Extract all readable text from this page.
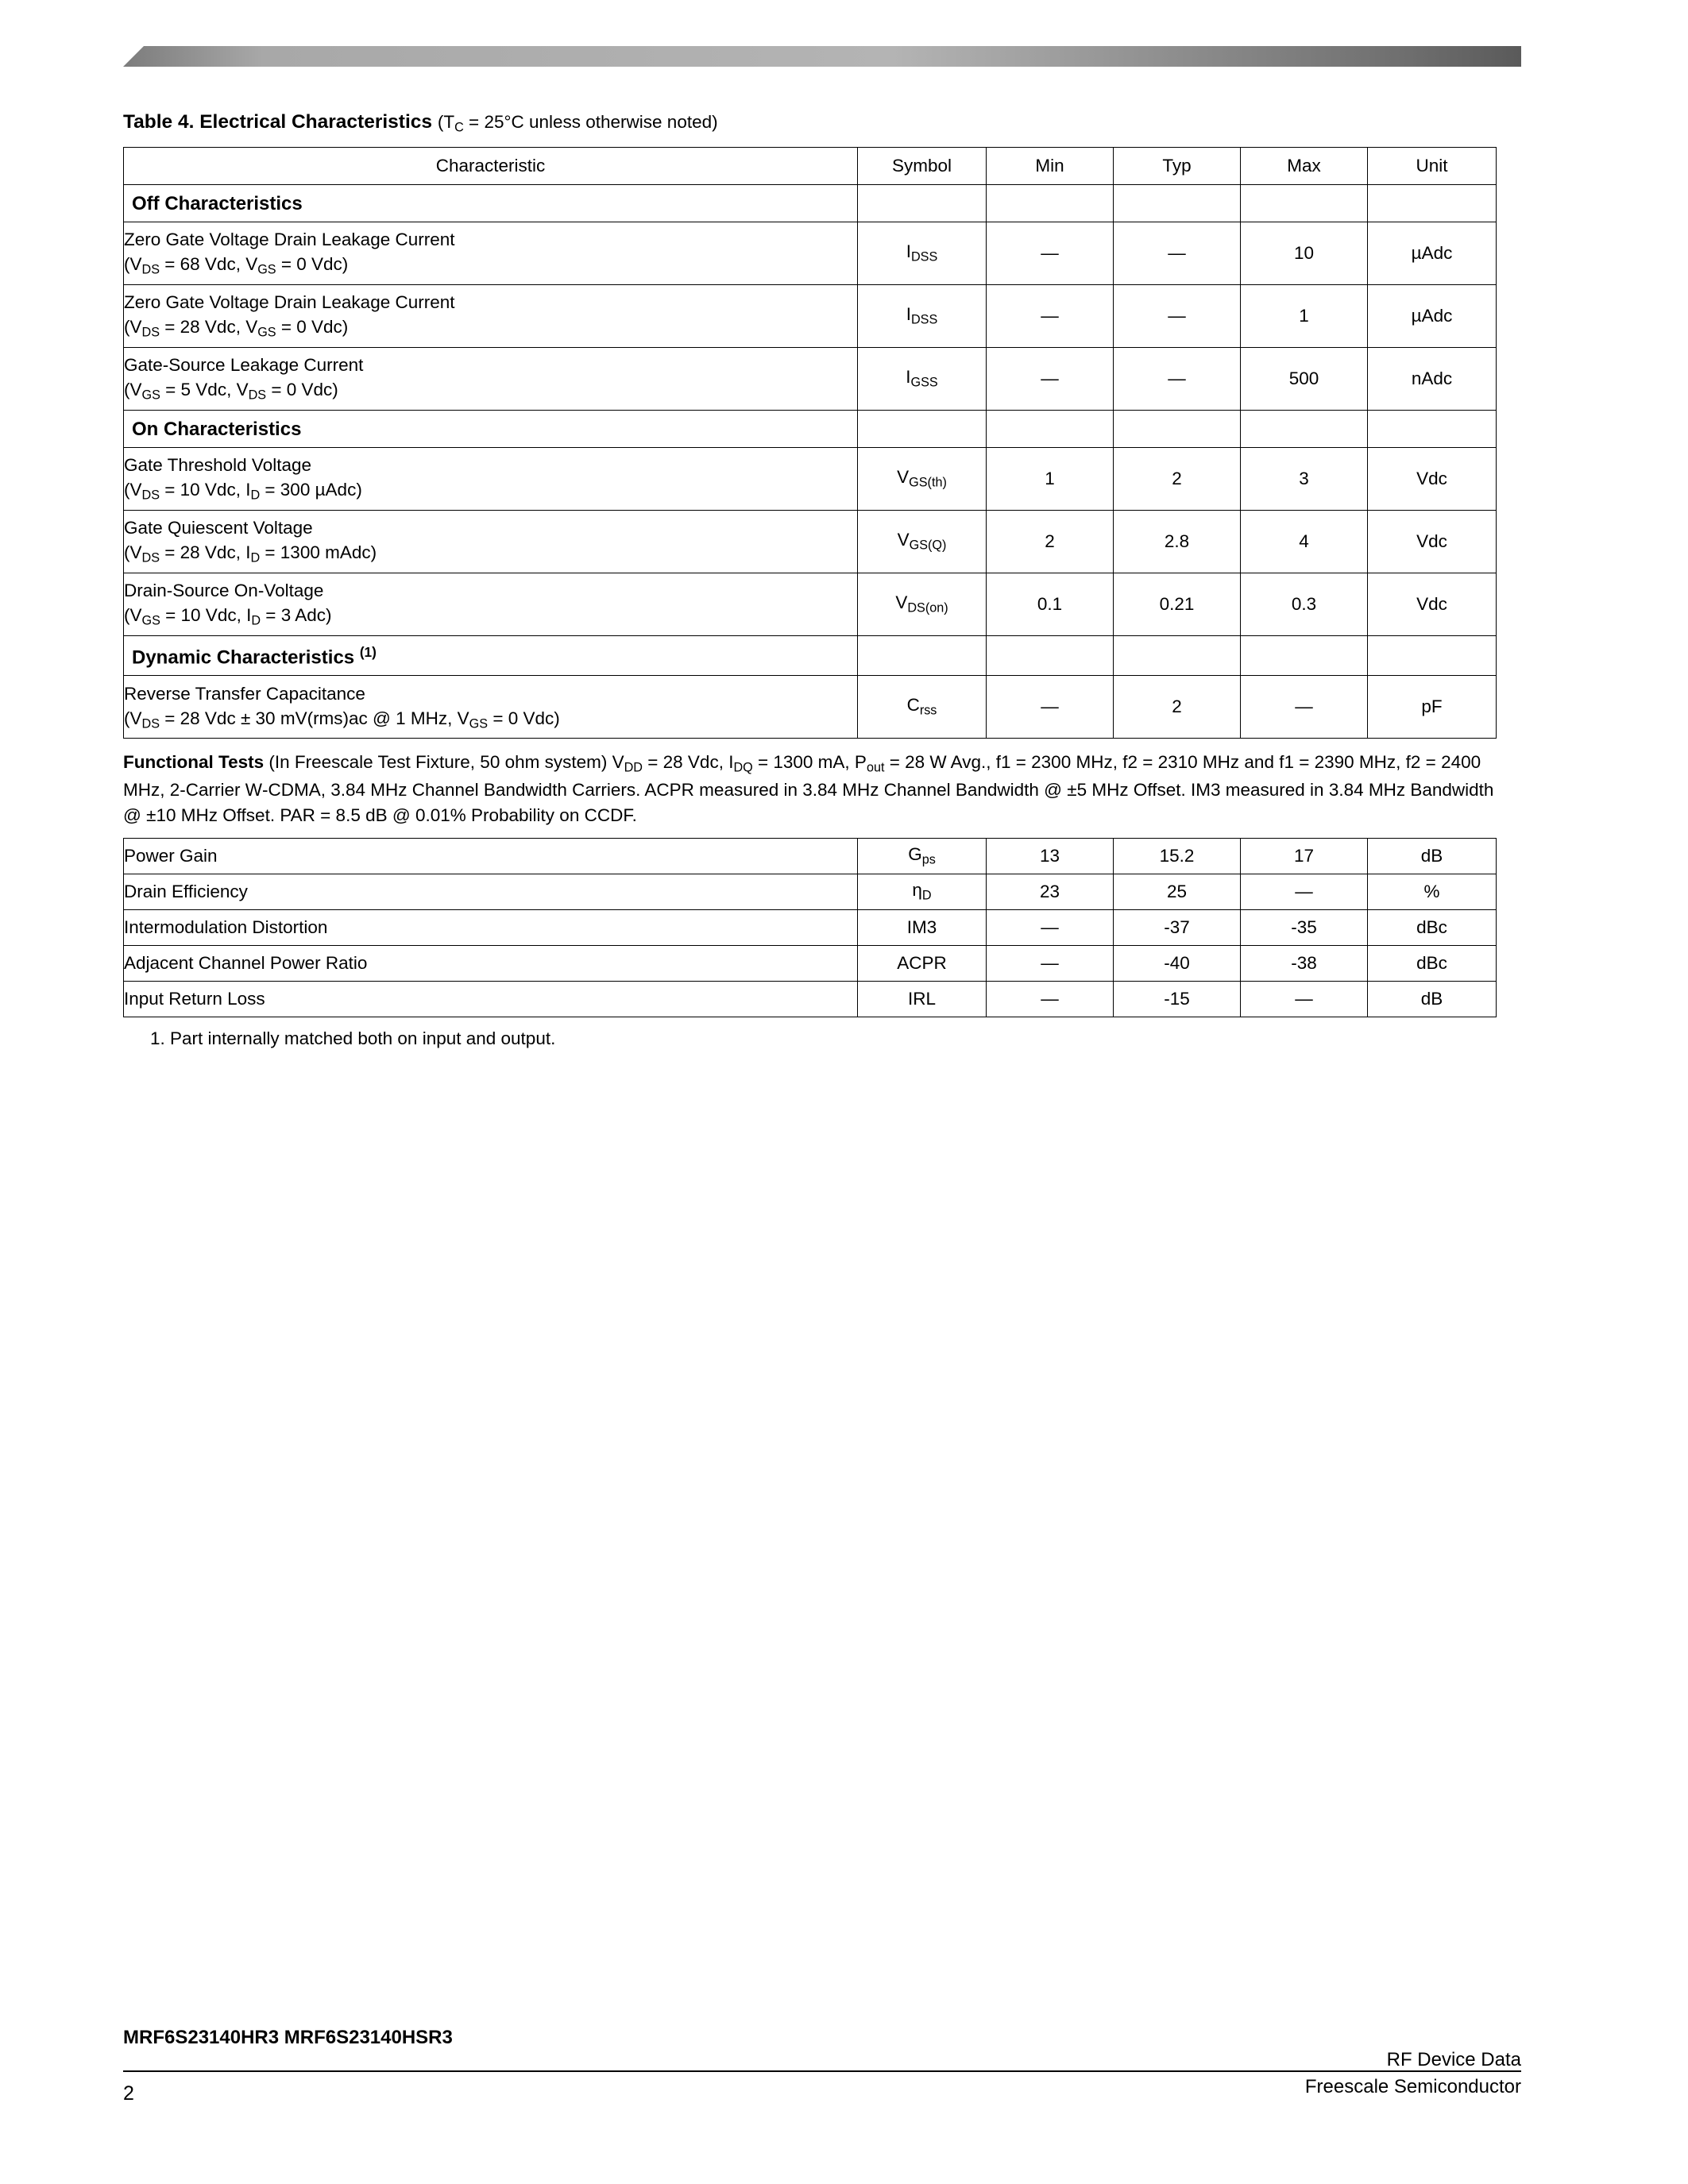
Table 4. Electrical Characteristics ($T_C = 25^\circ C$ unless otherwise noted)
Characteristic	Symbol	Min	Typ	Max	Unit
Off Characteristics					
Zero Gate Voltage Drain Leakage Current
($V_{DS} = 68$ Vdc, $V_{GS} = 0$ Vdc)	$I_{DSS}$	—	—	10	µAdc
Zero Gate Voltage Drain Leakage Current
($V_{DS} = 28$ Vdc, $V_{GS} = 0$ Vdc)	$I_{DSS}$	—	—	1	µAdc
Gate‑Source Leakage Current
($V_{GS} = 5$ Vdc, $V_{DS} = 0$ Vdc)	$I_{GSS}$	—	—	500	nAdc
On Characteristics					
Gate Threshold Voltage
($V_{DS} = 10$ Vdc, $I_D = 300$ µAdc)	$V_{GS(th)}$	1	2	3	Vdc
Gate Quiescent Voltage
($V_{DS} = 28$ Vdc, $I_D = 1300$ mAdc)	$V_{GS(Q)}$	2	2.8	4	Vdc
Drain‑Source On‑Voltage
($V_{GS} = 10$ Vdc, $I_D = 3$ Adc)	$V_{DS(on)}$	0.1	0.21	0.3	Vdc
Dynamic Characteristics $^{(1)}$					
Reverse Transfer Capacitance
($V_{DS} = 28$ Vdc ± 30 mV(rms)ac @ 1 MHz, $V_{GS} = 0$ Vdc)	$C_{rss}$	—	2	—	pF
Functional Tests (In Freescale Test Fixture, 50 ohm system) $V_{DD} = 28$ Vdc, $I_{DQ} = 1300$ mA, $P_{out} = 28$ W Avg., f1 = 2300 MHz, f2 = 2310 MHz and f1 = 2390 MHz, f2 = 2400 MHz, 2‑Carrier W‑CDMA, 3.84 MHz Channel Bandwidth Carriers. ACPR measured in 3.84 MHz Channel Bandwidth @ ±5 MHz Offset. IM3 measured in 3.84 MHz Bandwidth @ ±10 MHz Offset. PAR = 8.5 dB @ 0.01% Probability on CCDF.
Power Gain	$G_{ps}$	13	15.2	17	dB
Drain Efficiency	$\eta_D$	23	25	—	%
Intermodulation Distortion	IM3	—	-37	-35	dBc
Adjacent Channel Power Ratio	ACPR	—	-40	-38	dBc
Input Return Loss	IRL	—	-15	—	dB
1. Part internally matched both on input and output.
MRF6S23140HR3 MRF6S23140HSR3
2
RF Device Data
Freescale Semiconductor
